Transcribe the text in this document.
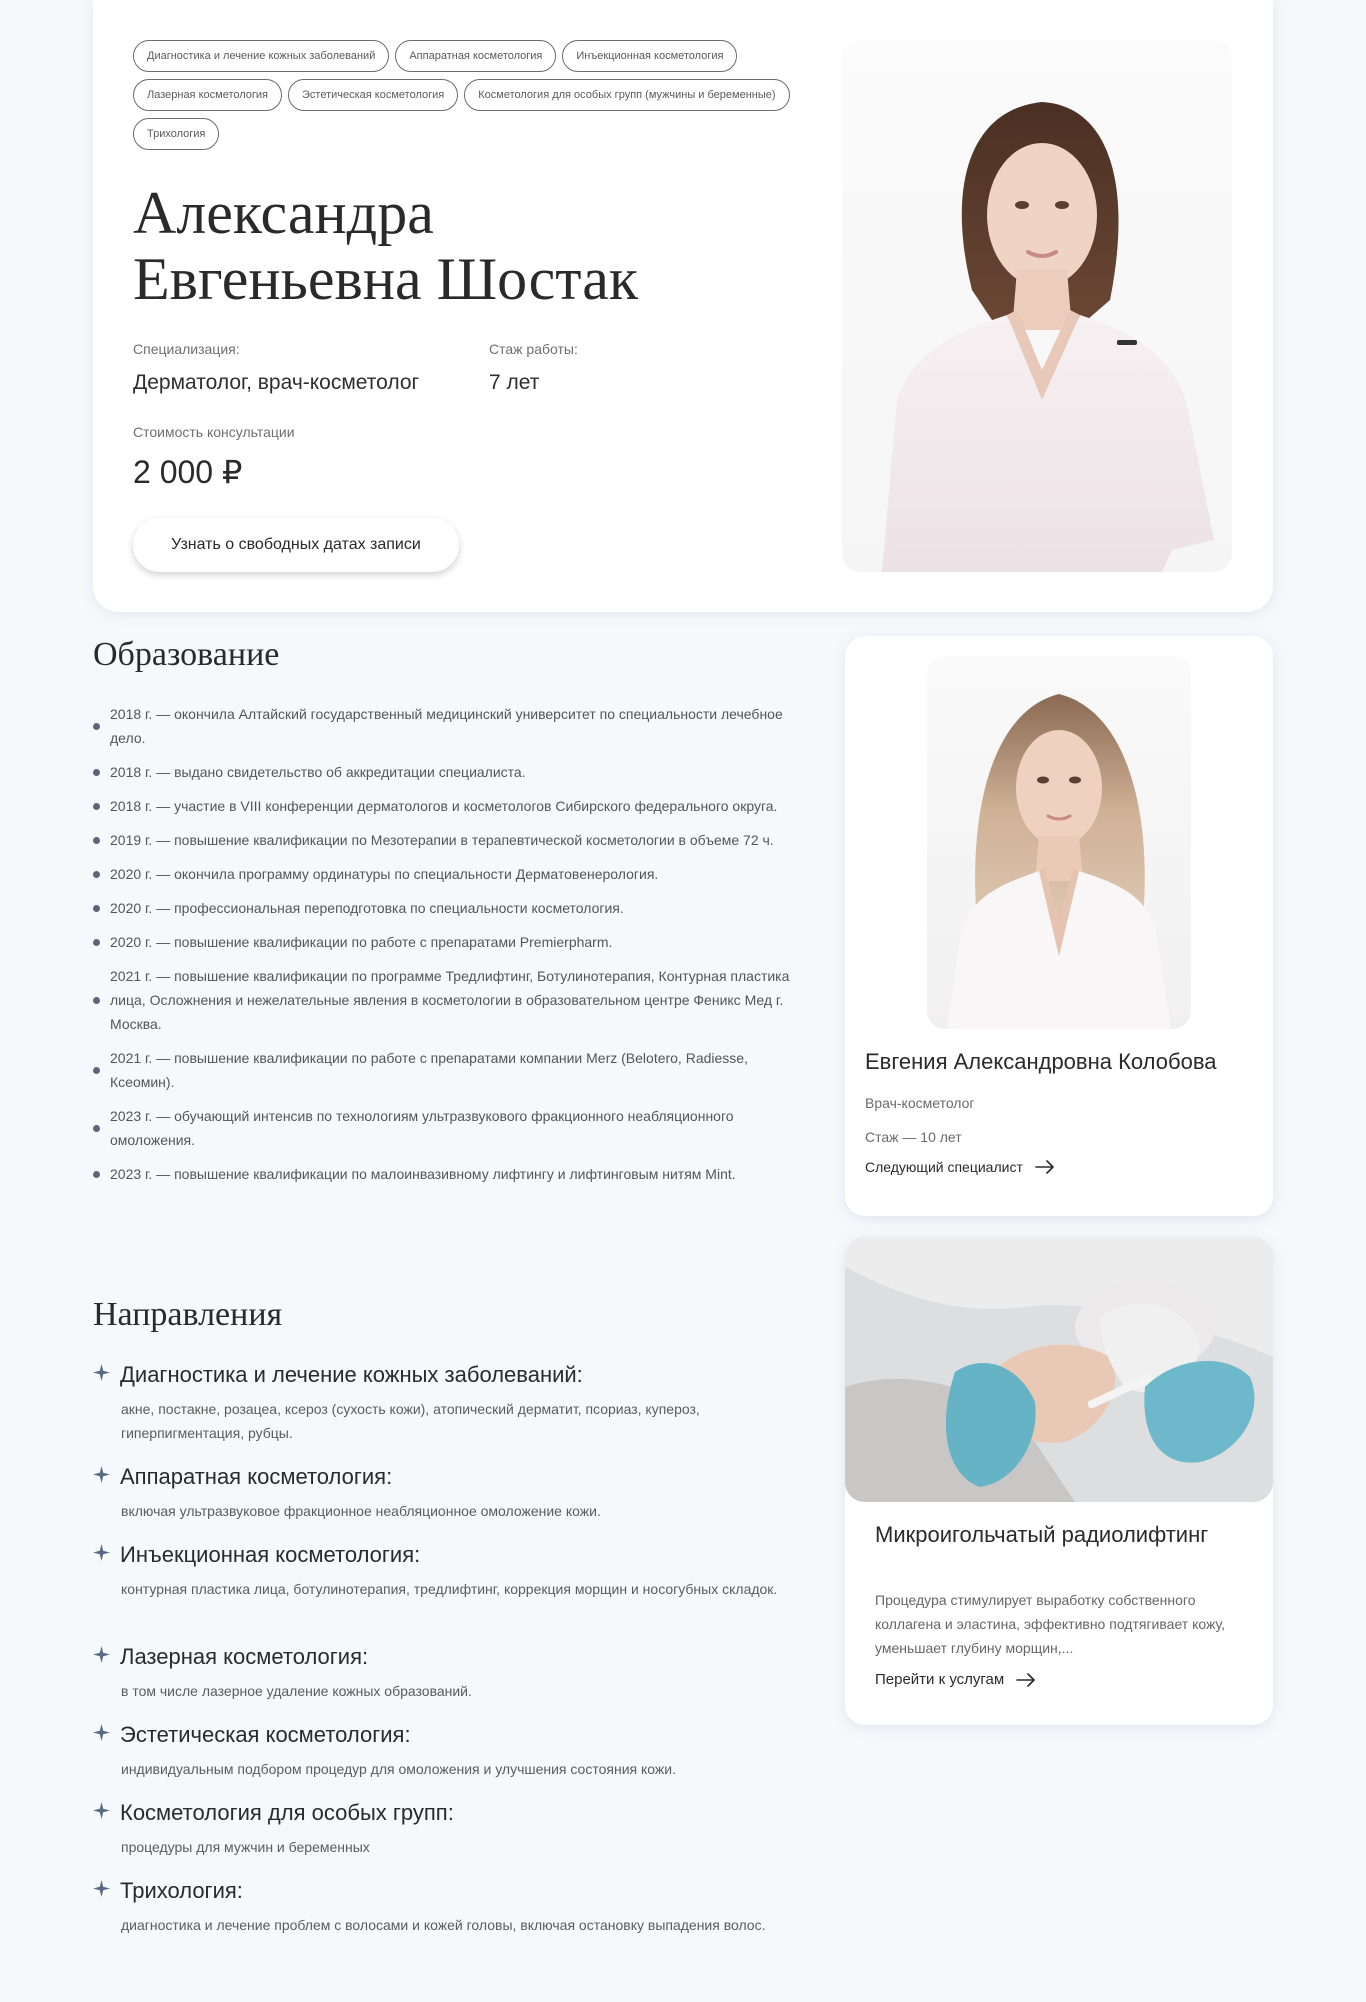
Диагностика и лечение кожных заболеваний	Аппаратная косметология	Инъекционная косметология
Лазерная косметология	Эстетическая косметология	Косметология для особых групп (мужчины и беременные)
Трихология
Александра
Евгеньевна Шостак
Специализация:
Дерматолог, врач-косметолог
Стаж работы:
7 лет
Стоимость консультации
2 000 ₽
Узнать о свободных датах записи
Образование
2018 г. — окончила Алтайский государственный медицинский университет по специальности лечебное дело.
2018 г. — выдано свидетельство об аккредитации специалиста.
2018 г. — участие в VIII конференции дерматологов и косметологов Сибирского федерального округа.
2019 г. — повышение квалификации по Мезотерапии в терапевтической косметологии в объеме 72 ч.
2020 г. — окончила программу ординатуры по специальности Дерматовенерология.
2020 г. — профессиональная переподготовка по специальности косметология.
2020 г. — повышение квалификации по работе с препаратами Premierpharm.
2021 г. — повышение квалификации по программе Тредлифтинг, Ботулинотерапия, Контурная пластика лица, Осложнения и нежелательные явления в косметологии в образовательном центре Феникс Мед г. Москва.
2021 г. — повышение квалификации по работе с препаратами компании Merz (Belotero, Radiesse, Ксеомин).
2023 г. — обучающий интенсив по технологиям ультразвукового фракционного неабляционного омоложения.
2023 г. — повышение квалификации по малоинвазивному лифтингу и лифтинговым нитям Mint.
Направления
Диагностика и лечение кожных заболеваний:
акне, постакне, розацеа, ксероз (сухость кожи), атопический дерматит, псориаз, купероз, гиперпигментация, рубцы.
Аппаратная косметология:
включая ультразвуковое фракционное неабляционное омоложение кожи.
Инъекционная косметология:
контурная пластика лица, ботулинотерапия, тредлифтинг, коррекция морщин и носогубных складок.
Лазерная косметология:
в том числе лазерное удаление кожных образований.
Эстетическая косметология:
индивидуальным подбором процедур для омоложения и улучшения состояния кожи.
Косметология для особых групп:
процедуры для мужчин и беременных
Трихология:
диагностика и лечение проблем с волосами и кожей головы, включая остановку выпадения волос.
Евгения Александровна Колобова
Врач-косметолог
Стаж — 10 лет
Следующий специалист
Микроигольчатый радиолифтинг
Процедура стимулирует выработку собственного коллагена и эластина, эффективно подтягивает кожу, уменьшает глубину морщин,...
Перейти к услугам
